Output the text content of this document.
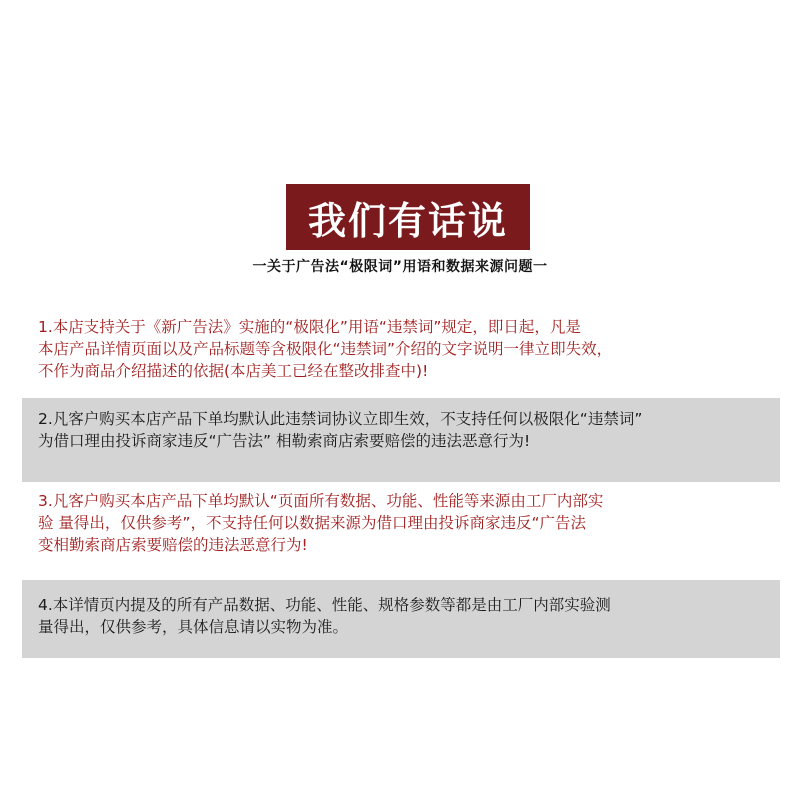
我们有话说
一关于广告法“极限词”用语和数据来源问题一
1.本店支持关于《新广告法》实施的“极限化”用语“违禁词”规定，即日起，凡是
本店产品详情页面以及产品标题等含极限化“违禁词”介绍的文字说明一律立即失效，
不作为商品介绍描述的依据(本店美工已经在整改排查中)!
2.凡客户购买本店产品下单均默认此违禁词协议立即生效，不支持任何以极限化“违禁词”
为借口理由投诉商家违反“广告法” 相勒索商店索要赔偿的违法恶意行为!
3.凡客户购买本店产品下单均默认“页面所有数据、功能、性能等来源由工厂内部实
验 量得出，仅供参考”，不支持任何以数据来源为借口理由投诉商家违反“广告法
变相勤索商店索要赔偿的违法恶意行为!
4.本详情页内提及的所有产品数据、功能、性能、规格参数等都是由工厂内部实验测
量得出，仅供参考，具体信息请以实物为准。
